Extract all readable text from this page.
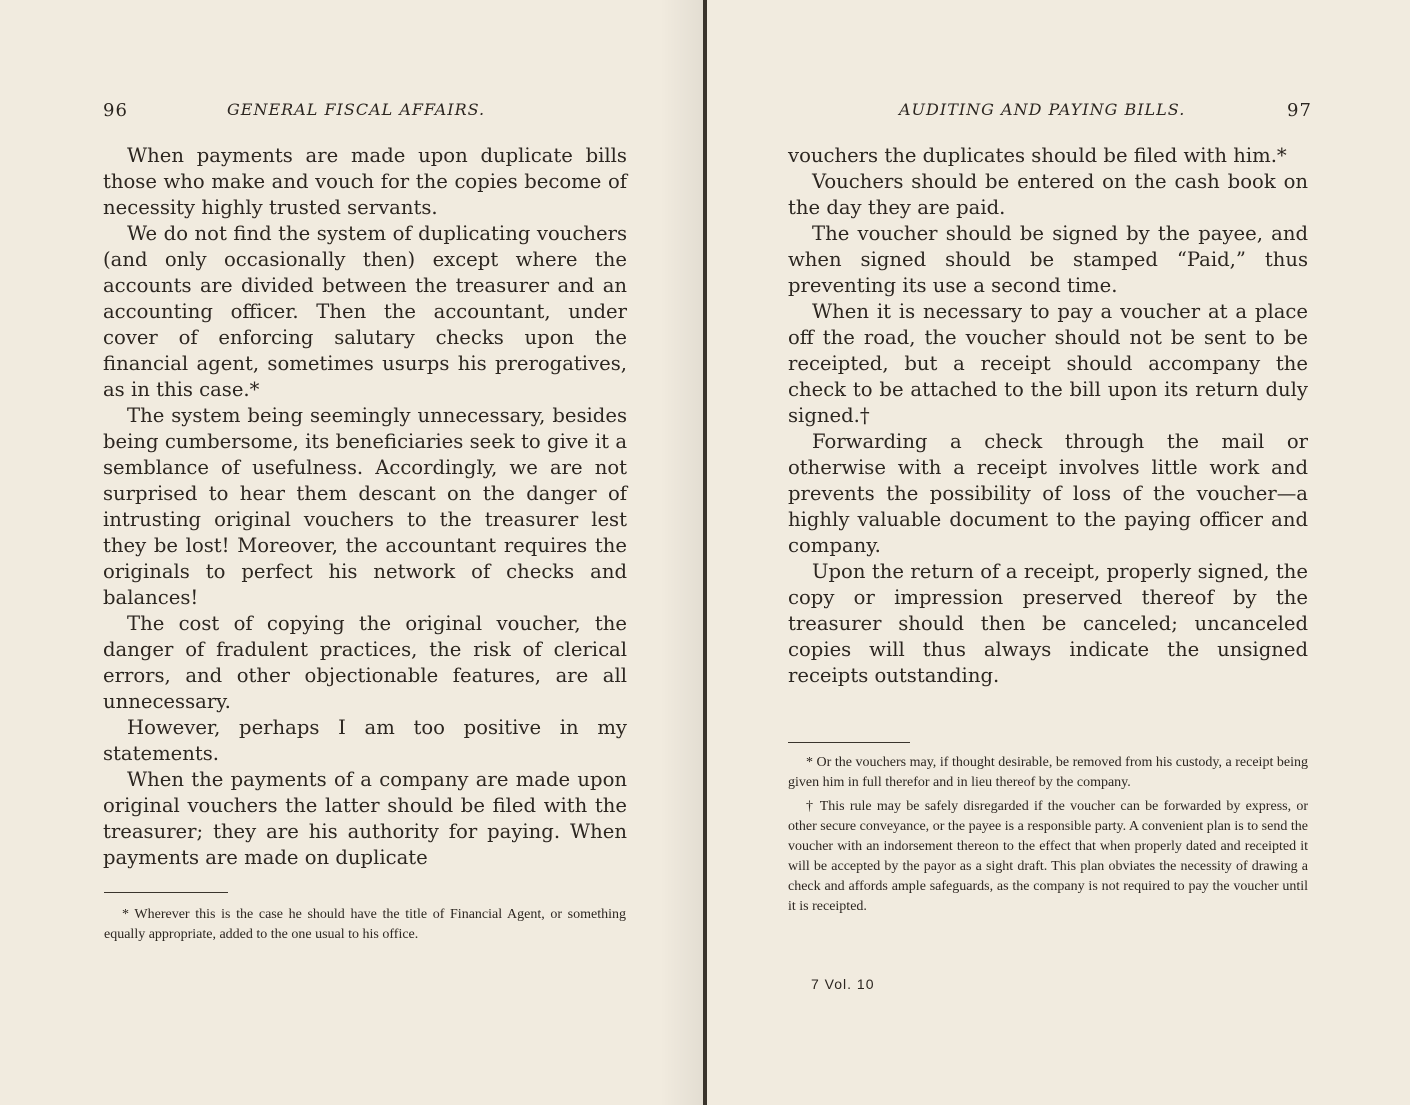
96	GENERAL FISCAL AFFAIRS.

When payments are made upon duplicate bills those who make and vouch for the copies become of necessity highly trusted servants.

We do not find the system of duplicating vouchers (and only occasionally then) except where the accounts are divided between the treasurer and an accounting officer. Then the accountant, under cover of enforcing salutary checks upon the financial agent, sometimes usurps his prerogatives, as in this case.*

The system being seemingly unnecessary, besides being cumbersome, its beneficiaries seek to give it a semblance of usefulness. Accordingly, we are not surprised to hear them descant on the danger of intrusting original vouchers to the treasurer lest they be lost! Moreover, the accountant requires the originals to perfect his network of checks and balances!

The cost of copying the original voucher, the danger of fradulent practices, the risk of clerical errors, and other objectionable features, are all unnecessary.

However, perhaps I am too positive in my statements.

When the payments of a company are made upon original vouchers the latter should be filed with the treasurer; they are his authority for paying. When payments are made on duplicate

* Wherever this is the case he should have the title of Financial Agent, or something equally appropriate, added to the one usual to his office.

AUDITING AND PAYING BILLS.	97

vouchers the duplicates should be filed with him.*

Vouchers should be entered on the cash book on the day they are paid.

The voucher should be signed by the payee, and when signed should be stamped “Paid,” thus preventing its use a second time.

When it is necessary to pay a voucher at a place off the road, the voucher should not be sent to be receipted, but a receipt should accompany the check to be attached to the bill upon its return duly signed.†

Forwarding a check through the mail or otherwise with a receipt involves little work and prevents the possibility of loss of the voucher—a highly valuable document to the paying officer and company.

Upon the return of a receipt, properly signed, the copy or impression preserved thereof by the treasurer should then be canceled; uncanceled copies will thus always indicate the unsigned receipts outstanding.

* Or the vouchers may, if thought desirable, be removed from his custody, a receipt being given him in full therefor and in lieu thereof by the company.

† This rule may be safely disregarded if the voucher can be forwarded by express, or other secure conveyance, or the payee is a responsible party. A convenient plan is to send the voucher with an indorsement thereon to the effect that when properly dated and receipted it will be accepted by the payor as a sight draft. This plan obviates the necessity of drawing a check and affords ample safeguards, as the company is not required to pay the voucher until it is receipted.

7 Vol. 10
